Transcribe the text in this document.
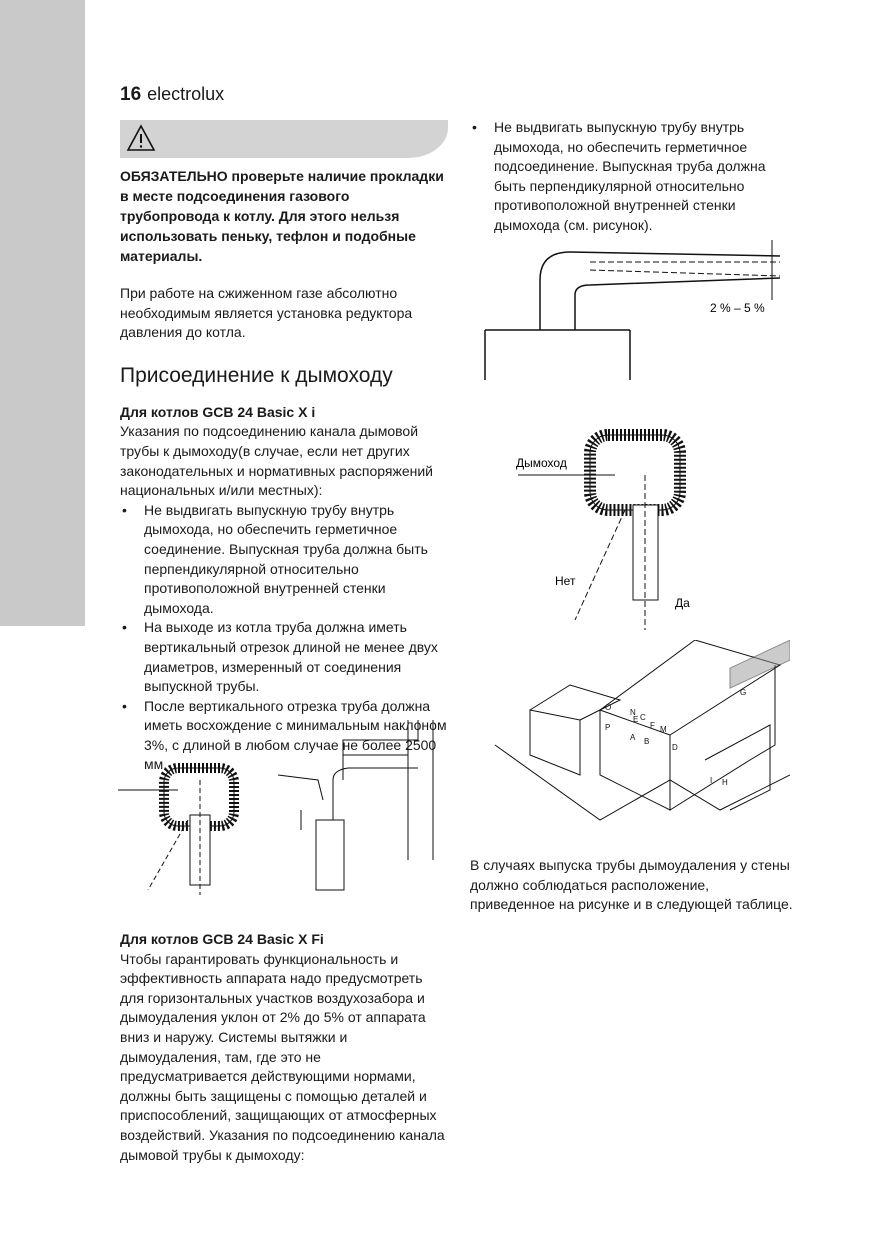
16 electrolux

ОБЯЗАТЕЛЬНО проверьте наличие прокладки в месте подсоединения газового трубопровода к котлу. Для этого нельзя использовать пеньку, тефлон и подобные материалы.

При работе на сжиженном газе абсолютно необходимым является установка редуктора давления до котла.

Присоединение к дымоходу

Для котлов GCB 24 Basic X i

Указания по подсоединению канала дымовой трубы к дымоходу(в случае, если нет других законодательных и нормативных распоряжений национальных и/или местных):

• Не выдвигать выпускную трубу внутрь дымохода, но обеспечить герметичное соединение. Выпускная труба должна быть перпендикулярной относительно противоположной внутренней стенки дымохода.
• На выходе из котла труба должна иметь вертикальный отрезок длиной не менее двух диаметров, измеренный от соединения выпускной трубы.
• После вертикального отрезка труба должна иметь восхождение с минимальным наклоном 3%, с длиной в любом случае не более 2500 мм.

Для котлов GCB 24 Basic X Fi

Чтобы гарантировать функциональность и эффективность аппарата надо предусмотреть для горизонтальных участков воздухозабора и дымоудаления уклон от 2% до 5% от аппарата вниз и наружу. Системы вытяжки и дымоудаления, там, где это не предусматривается действующими нормами, должны быть защищены с помощью деталей и приспособлений, защищающих от атмосферных воздействий. Указания по подсоединению канала дымовой трубы к дымоходу:

• Не выдвигать выпускную трубу внутрь дымохода, но обеспечить герметичное подсоединение. Выпускная труба должна быть перпендикулярной относительно противоположной внутренней стенки дымохода (см. рисунок).
2 % – 5 %
Дымоход
Нет
Да
A B
C
D
E
F
G
H
I
M
N
O
P

В случаях выпуска трубы дымоудаления у стены должно соблюдаться расположение, приведенное на рисунке и в следующей таблице.
